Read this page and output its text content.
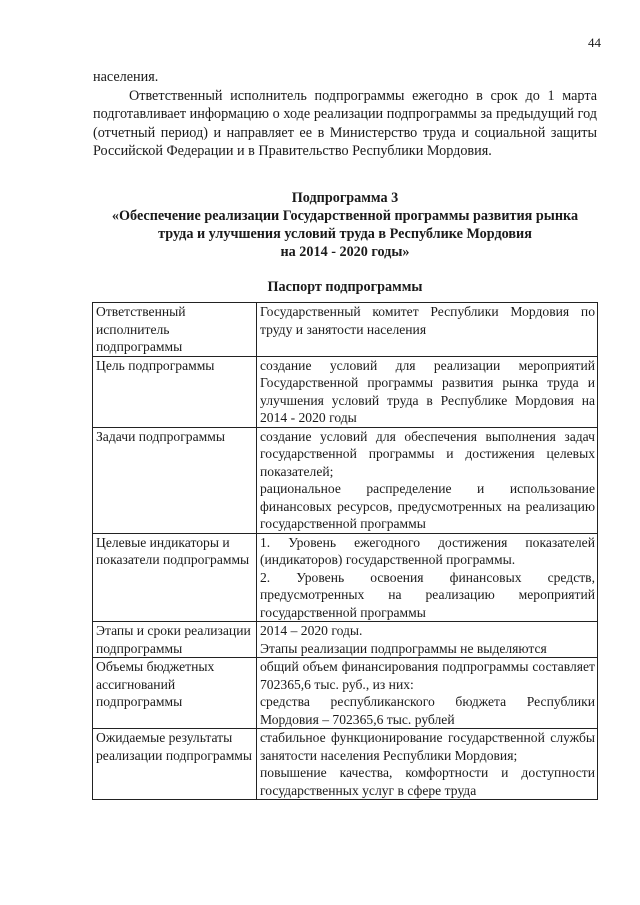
44

населения.

Ответственный исполнитель подпрограммы ежегодно в срок до 1 марта подготавливает информацию о ходе реализации подпрограммы за предыдущий год (отчетный период) и направляет ее в Министерство труда и социальной защиты Российской Федерации и в Правительство Республики Мордовия.

Подпрограмма 3
«Обеспечение реализации Государственной программы развития рынка
труда и улучшения условий труда в Республике Мордовия
на 2014 - 2020 годы»
Паспорт подпрограммы
Ответственный исполнитель подпрограммы	Государственный комитет Республики Мордовия по труду и занятости населения

Цель подпрограммы	создание условий для реализации мероприятий Государственной программы развития рынка труда и улучшения условий труда в Республике Мордовия на 2014 - 2020 годы

Задачи подпрограммы	создание условий для обеспечения выполнения задач государственной программы и достижения целевых показателей;
рациональное распределение и использование финансовых ресурсов, предусмотренных на реализацию государственной программы

Целевые индикаторы и показатели подпрограммы	1. Уровень ежегодного достижения показателей (индикаторов) государственной программы.
2. Уровень освоения финансовых средств, предусмотренных на реализацию мероприятий государственной программы

Этапы и сроки реализации подпрограммы	2014 – 2020 годы.
Этапы реализации подпрограммы не выделяются

Объемы бюджетных ассигнований подпрограммы	общий объем финансирования подпрограммы составляет 702365,6 тыс. руб., из них:
средства республиканского бюджета Республики Мордовия – 702365,6 тыс. рублей

Ожидаемые результаты реализации подпрограммы	стабильное функционирование государственной службы занятости населения Республики Мордовия;
повышение качества, комфортности и доступности государственных услуг в сфере труда
